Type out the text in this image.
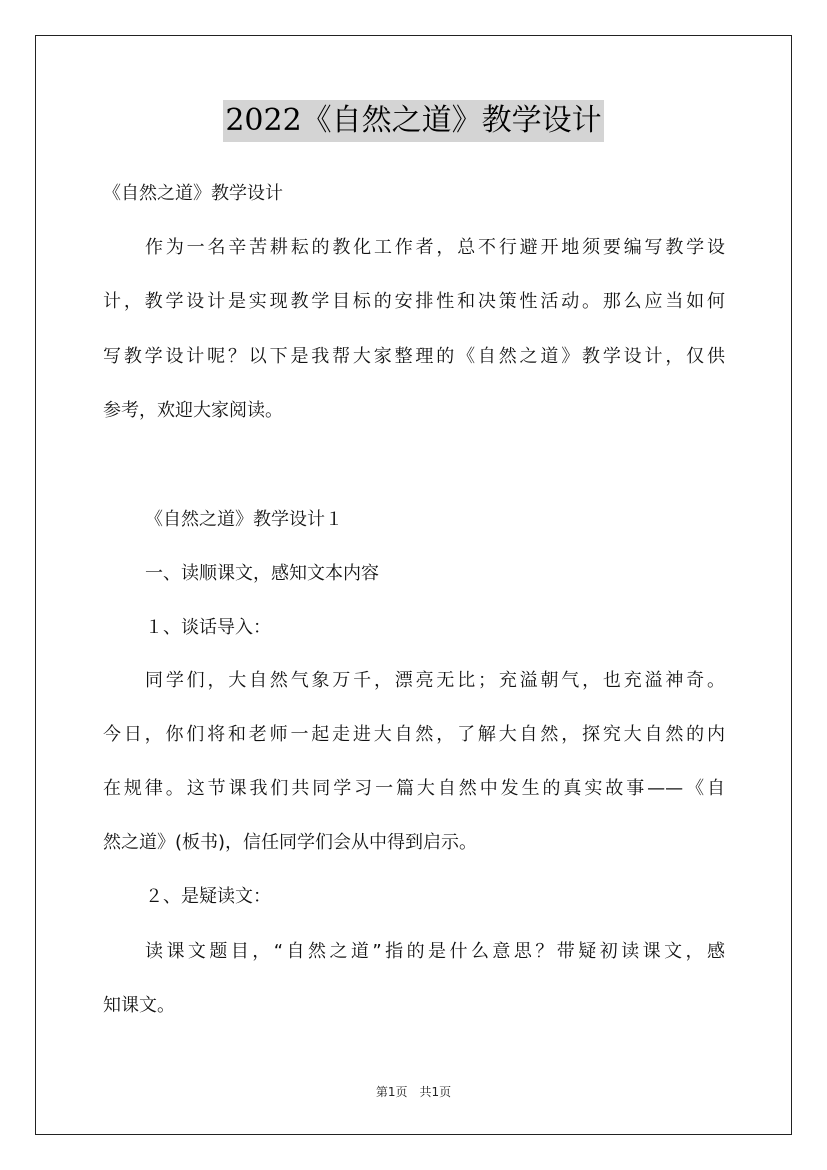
2022《自然之道》教学设计
《自然之道》教学设计
作为一名辛苦耕耘的教化工作者，总不行避开地须要编写教学设
计，教学设计是实现教学目标的安排性和决策性活动。那么应当如何
写教学设计呢？以下是我帮大家整理的《自然之道》教学设计，仅供
参考，欢迎大家阅读。
《自然之道》教学设计１
一、读顺课文，感知文本内容
１、谈话导入：
同学们，大自然气象万千，漂亮无比；充溢朝气，也充溢神奇。
今日，你们将和老师一起走进大自然，了解大自然，探究大自然的内
在规律。这节课我们共同学习一篇大自然中发生的真实故事——《自
然之道》(板书)，信任同学们会从中得到启示。
２、是疑读文：
读课文题目，“自然之道”指的是什么意思？带疑初读课文，感
知课文。
第1页　共1页
